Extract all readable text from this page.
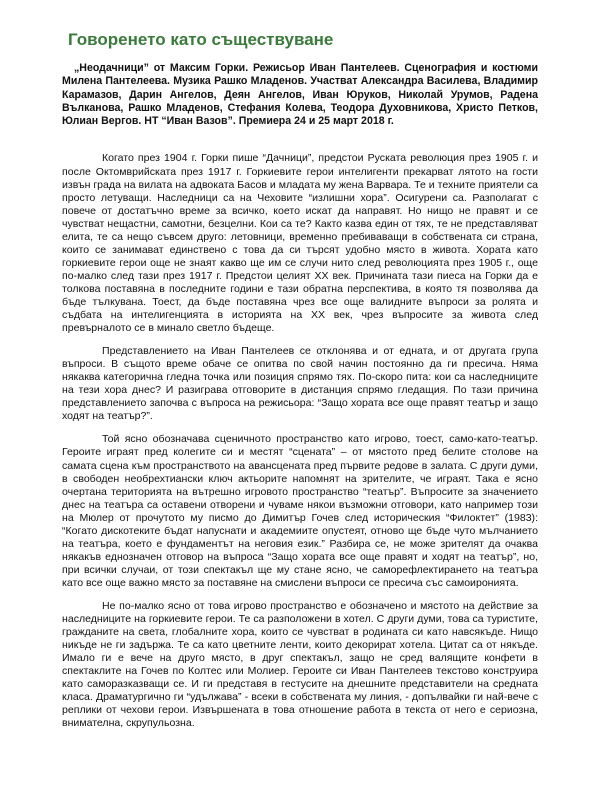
Говоренето като съществуване

„Неодачници” от Максим Горки. Режисьор Иван Пантелеев. Сценография и костюми Милена Пантелеева. Музика Рашко Младенов. Участват Александра Василева, Владимир Карамазов, Дарин Ангелов, Деян Ангелов, Иван Юруков, Николай Урумов, Радена Вълканова, Рашко Младенов, Стефания Колева, Теодора Духовникова, Христо Петков, Юлиан Вергов. НТ “Иван Вазов”. Премиера 24 и 25 март 2018 г.

Когато през 1904 г. Горки пише “Дачници”, предстои Руската революция през 1905 г. и после Октомврийската през 1917 г. Горкиевите герои интелигенти прекарват лятото на гости извън града на вилата на адвоката Басов и младата му жена Варвара. Те и техните приятели са просто летуващи. Наследници са на Чеховите “излишни хора”. Осигурени са. Разполагат с повече от достатъчно време за всичко, което искат да направят. Но нищо не правят и се чувстват нещастни, самотни, безцелни. Кои са те? Както казва един от тях, те не представляват елита, те са нещо съвсем друго: летовници, временно пребиваващи в собствената си страна, които се занимават единствено с това да си търсят удобно място в живота. Хората като горкиевите герои още не знаят какво ще им се случи нито след революцията през 1905 г., още по-малко след тази през 1917 г. Предстои целият XX век. Причината тази пиеса на Горки да е толкова поставяна в последните години е тази обратна перспектива, в която тя позволява да бъде тълкувана. Тоест, да бъде поставяна чрез все още валидните въпроси за ролята и съдбата на интелигенцията в историята на XX век, чрез въпросите за живота след превърналото се в минало светло бъдеще.

Представлението на Иван Пантелеев се отклонява и от едната, и от другата група въпроси. В същото време обаче се опитва по свой начин постоянно да ги пресича. Няма някаква категорична гледна точка или позиция спрямо тях. По-скоро пита: кои са наследниците на тези хора днес? И разиграва отговорите в дистанция спрямо гледащия. По тази причина представлението започва с въпроса на режисьора: “Защо хората все още правят театър и защо ходят на театър?”.

Той ясно обозначава сценичното пространство като игрово, тоест, само-като-театър. Героите играят пред колегите си и местят “сцената” – от мястото пред белите столове на самата сцена към пространството на авансцената пред първите редове в залата. С други думи, в свободен необрехтиански ключ актьорите напомнят на зрителите, че играят. Така е ясно очертана територията на вътрешно игровото пространство “театър”. Въпросите за значението днес на театъра са оставени отворени и чуваме някои възможни отговори, като например този на Мюлер от прочутото му писмо до Димитър Гочев след историческия “Филоктет” (1983): “Когато дискотеките бъдат напуснати и академиите опустеят, отново ще бъде чуто мълчанието на театъра, което е фундаментът на неговия език.” Разбира се, не може зрителят да очаква някакъв еднозначен отговор на въпроса “Защо хората все още правят и ходят на театър”, но, при всички случаи, от този спектакъл ще му стане ясно, че саморефлектирането на театъра като все още важно място за поставяне на смислени въпроси се пресича със самоиронията.

Не по-малко ясно от това игрово пространство е обозначено и мястото на действие за наследниците на горкиевите герои. Те са разположени в хотел. С други думи, това са туристите, гражданите на света, глобалните хора, които се чувстват в родината си като навсякъде. Нищо никъде не ги задържа. Те са като цветните ленти, които декорират хотела. Цитат са от някъде. Имало ги е вече на друго място, в друг спектакъл, защо не сред валящите конфети в спектаклите на Гочев по Колтес или Молиер. Героите си Иван Пантелеев текстово конструира като саморазказващи се. И ги представя в гестусите на днешните представители на средната класа. Драматургично ги “удължава” - всеки в собствената му линия, - допълвайки ги най-вече с реплики от чехови герои. Извършената в това отношение работа в текста от него е сериозна, внимателна, скрупульозна.
